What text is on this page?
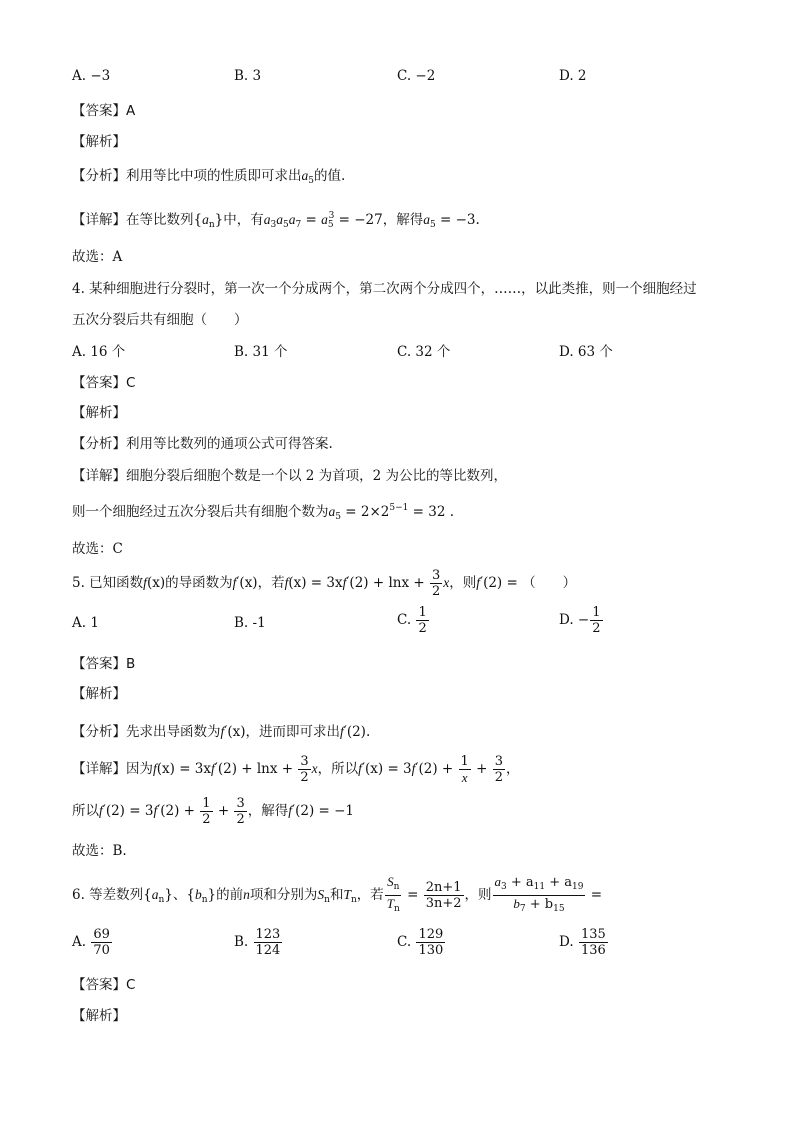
A. −3	B. 3	C. −2	D. 2
【答案】A
【解析】
【分析】利用等比中项的性质即可求出$a_5$的值.
【详解】在等比数列$\{a_n\}$中，有$a_3a_5a_7 = a_5^3 = -27$，解得$a_5 = -3$.
故选：A
4. 某种细胞进行分裂时，第一次一个分成两个，第二次两个分成四个，……，以此类推，则一个细胞经过
五次分裂后共有细胞（　　）
A. 16 个	B. 31 个	C. 32 个	D. 63 个
【答案】C
【解析】
【分析】利用等比数列的通项公式可得答案.
【详解】细胞分裂后细胞个数是一个以 2 为首项，2 为公比的等比数列，
则一个细胞经过五次分裂后共有细胞个数为$a_5 = 2\times 2^{5-1} = 32$ .
故选：C
5. 已知函数f(x)的导函数为f′(x)，若$f(x) = 3xf'(2) + \ln x + \frac{3}{2}$ x，则f′(2) = （　　）
A. 1	B. -1	C. $\frac{1}{2}$	D. − $\frac{1}{2}$
【答案】B
【解析】
【分析】先求出导函数为f′(x)，进而即可求出f′(2).
【详解】因为$f(x) = 3xf'(2) + \ln x + \frac{3}{2}$ x，所以$f'(x) = 3f'(2) + \frac{1}{x} + \frac{3}{2}$ ，
所以$f'(2) = 3f'(2) + \frac{1}{2} + \frac{3}{2}$ ，解得f′(2) = −1
故选：B.
6. 等差数列$\{a_n\}$、$\{b_n\}$的前n项和分别为$S_n$和$T_n$，若 $\frac{S_n}{T_n} = \frac{2n+1}{3n+2}$ ，则 $\frac{a_3 + a_{11} + a_{19}}{b_7 + b_{15}}$ =
A. $\frac{69}{70}$	B. $\frac{123}{124}$	C. $\frac{129}{130}$	D. $\frac{135}{136}$
【答案】C
【解析】
